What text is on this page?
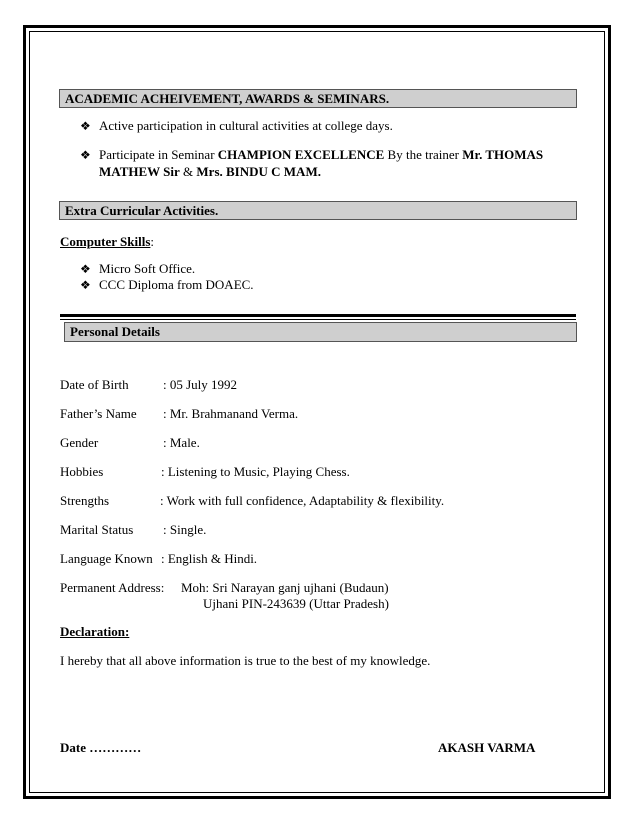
ACADEMIC ACHEIVEMENT, AWARDS & SEMINARS.
❖ Active participation in cultural activities at college days.
❖ Participate in Seminar CHAMPION EXCELLENCE By the trainer Mr. THOMAS
MATHEW Sir & Mrs. BINDU C MAM.
Extra Curricular Activities.
Computer Skills:
❖ Micro Soft Office.
❖ CCC Diploma from DOAEC.
Personal Details
Date of Birth	: 05 July 1992
Father’s Name : Mr. Brahmanand Verma.
Gender	: Male.
Hobbies	: Listening to Music, Playing Chess.
Strengths	: Work with full confidence, Adaptability & flexibility.
Marital Status : Single.
Language Known : English & Hindi.
Permanent Address: Moh: Sri Narayan ganj ujhani (Budaun)
Ujhani PIN-243639 (Uttar Pradesh)
Declaration:
I hereby that all above information is true to the best of my knowledge.
Date …………	AKASH VARMA
